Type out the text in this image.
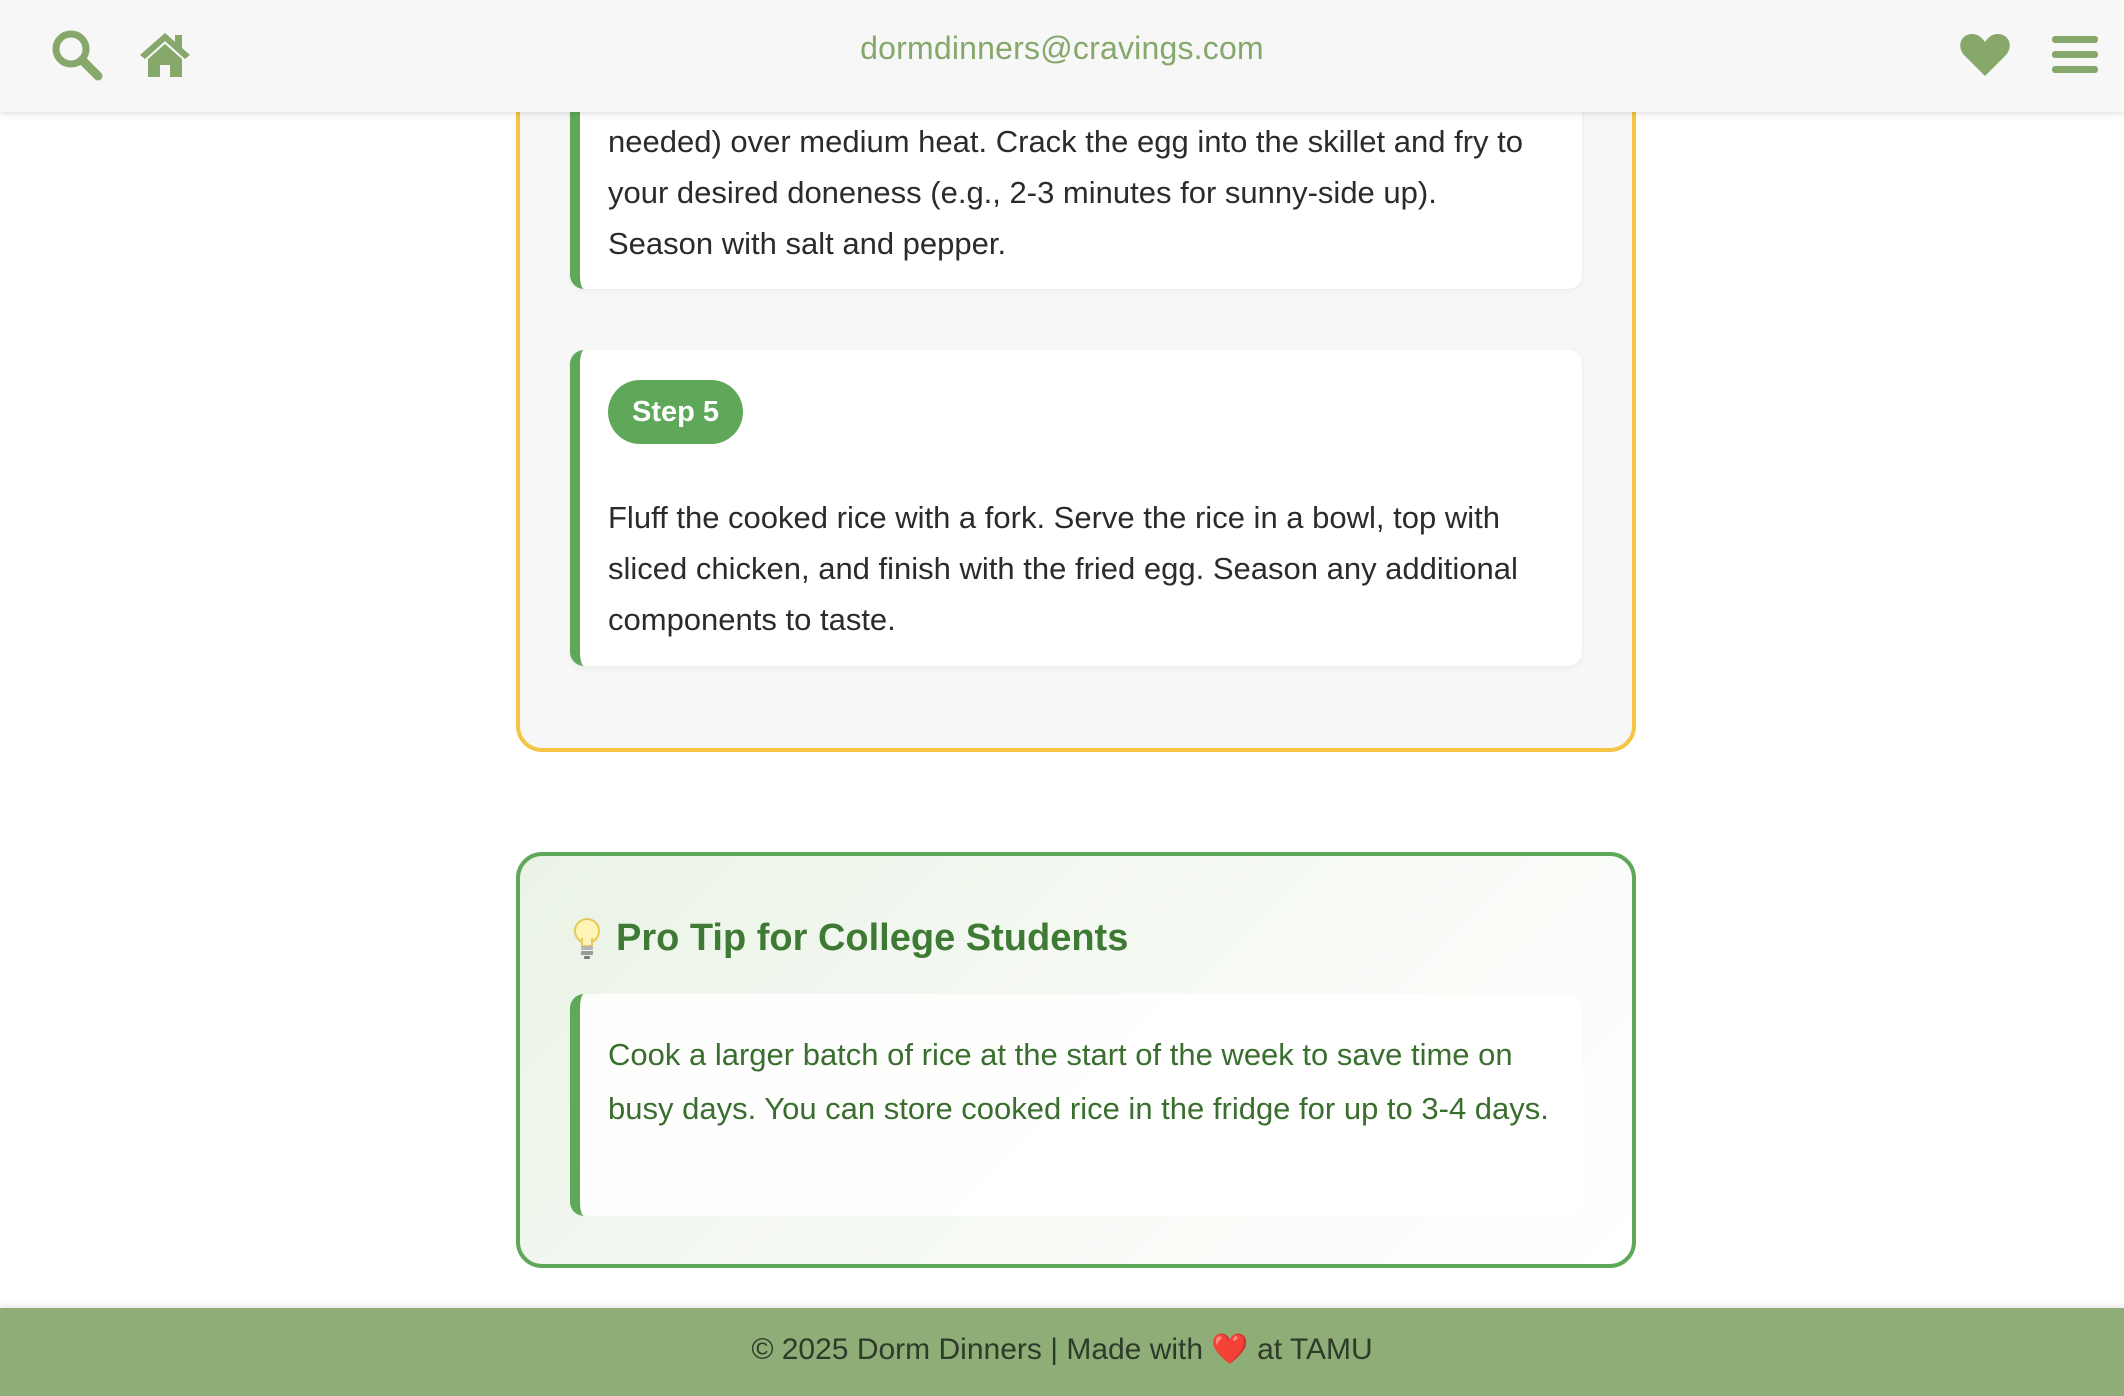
needed) over medium heat. Crack the egg into the skillet and fry to your desired doneness (e.g., 2-3 minutes for sunny-side up). Season with salt and pepper.

Step 5

Fluff the cooked rice with a fork. Serve the rice in a bowl, top with sliced chicken, and finish with the fried egg. Season any additional components to taste.

Pro Tip for College Students

Cook a larger batch of rice at the start of the week to save time on busy days. You can store cooked rice in the fridge for up to 3-4 days.

dormdinners@cravings.com
© 2025 Dorm Dinners | Made with ❤️ at TAMU
